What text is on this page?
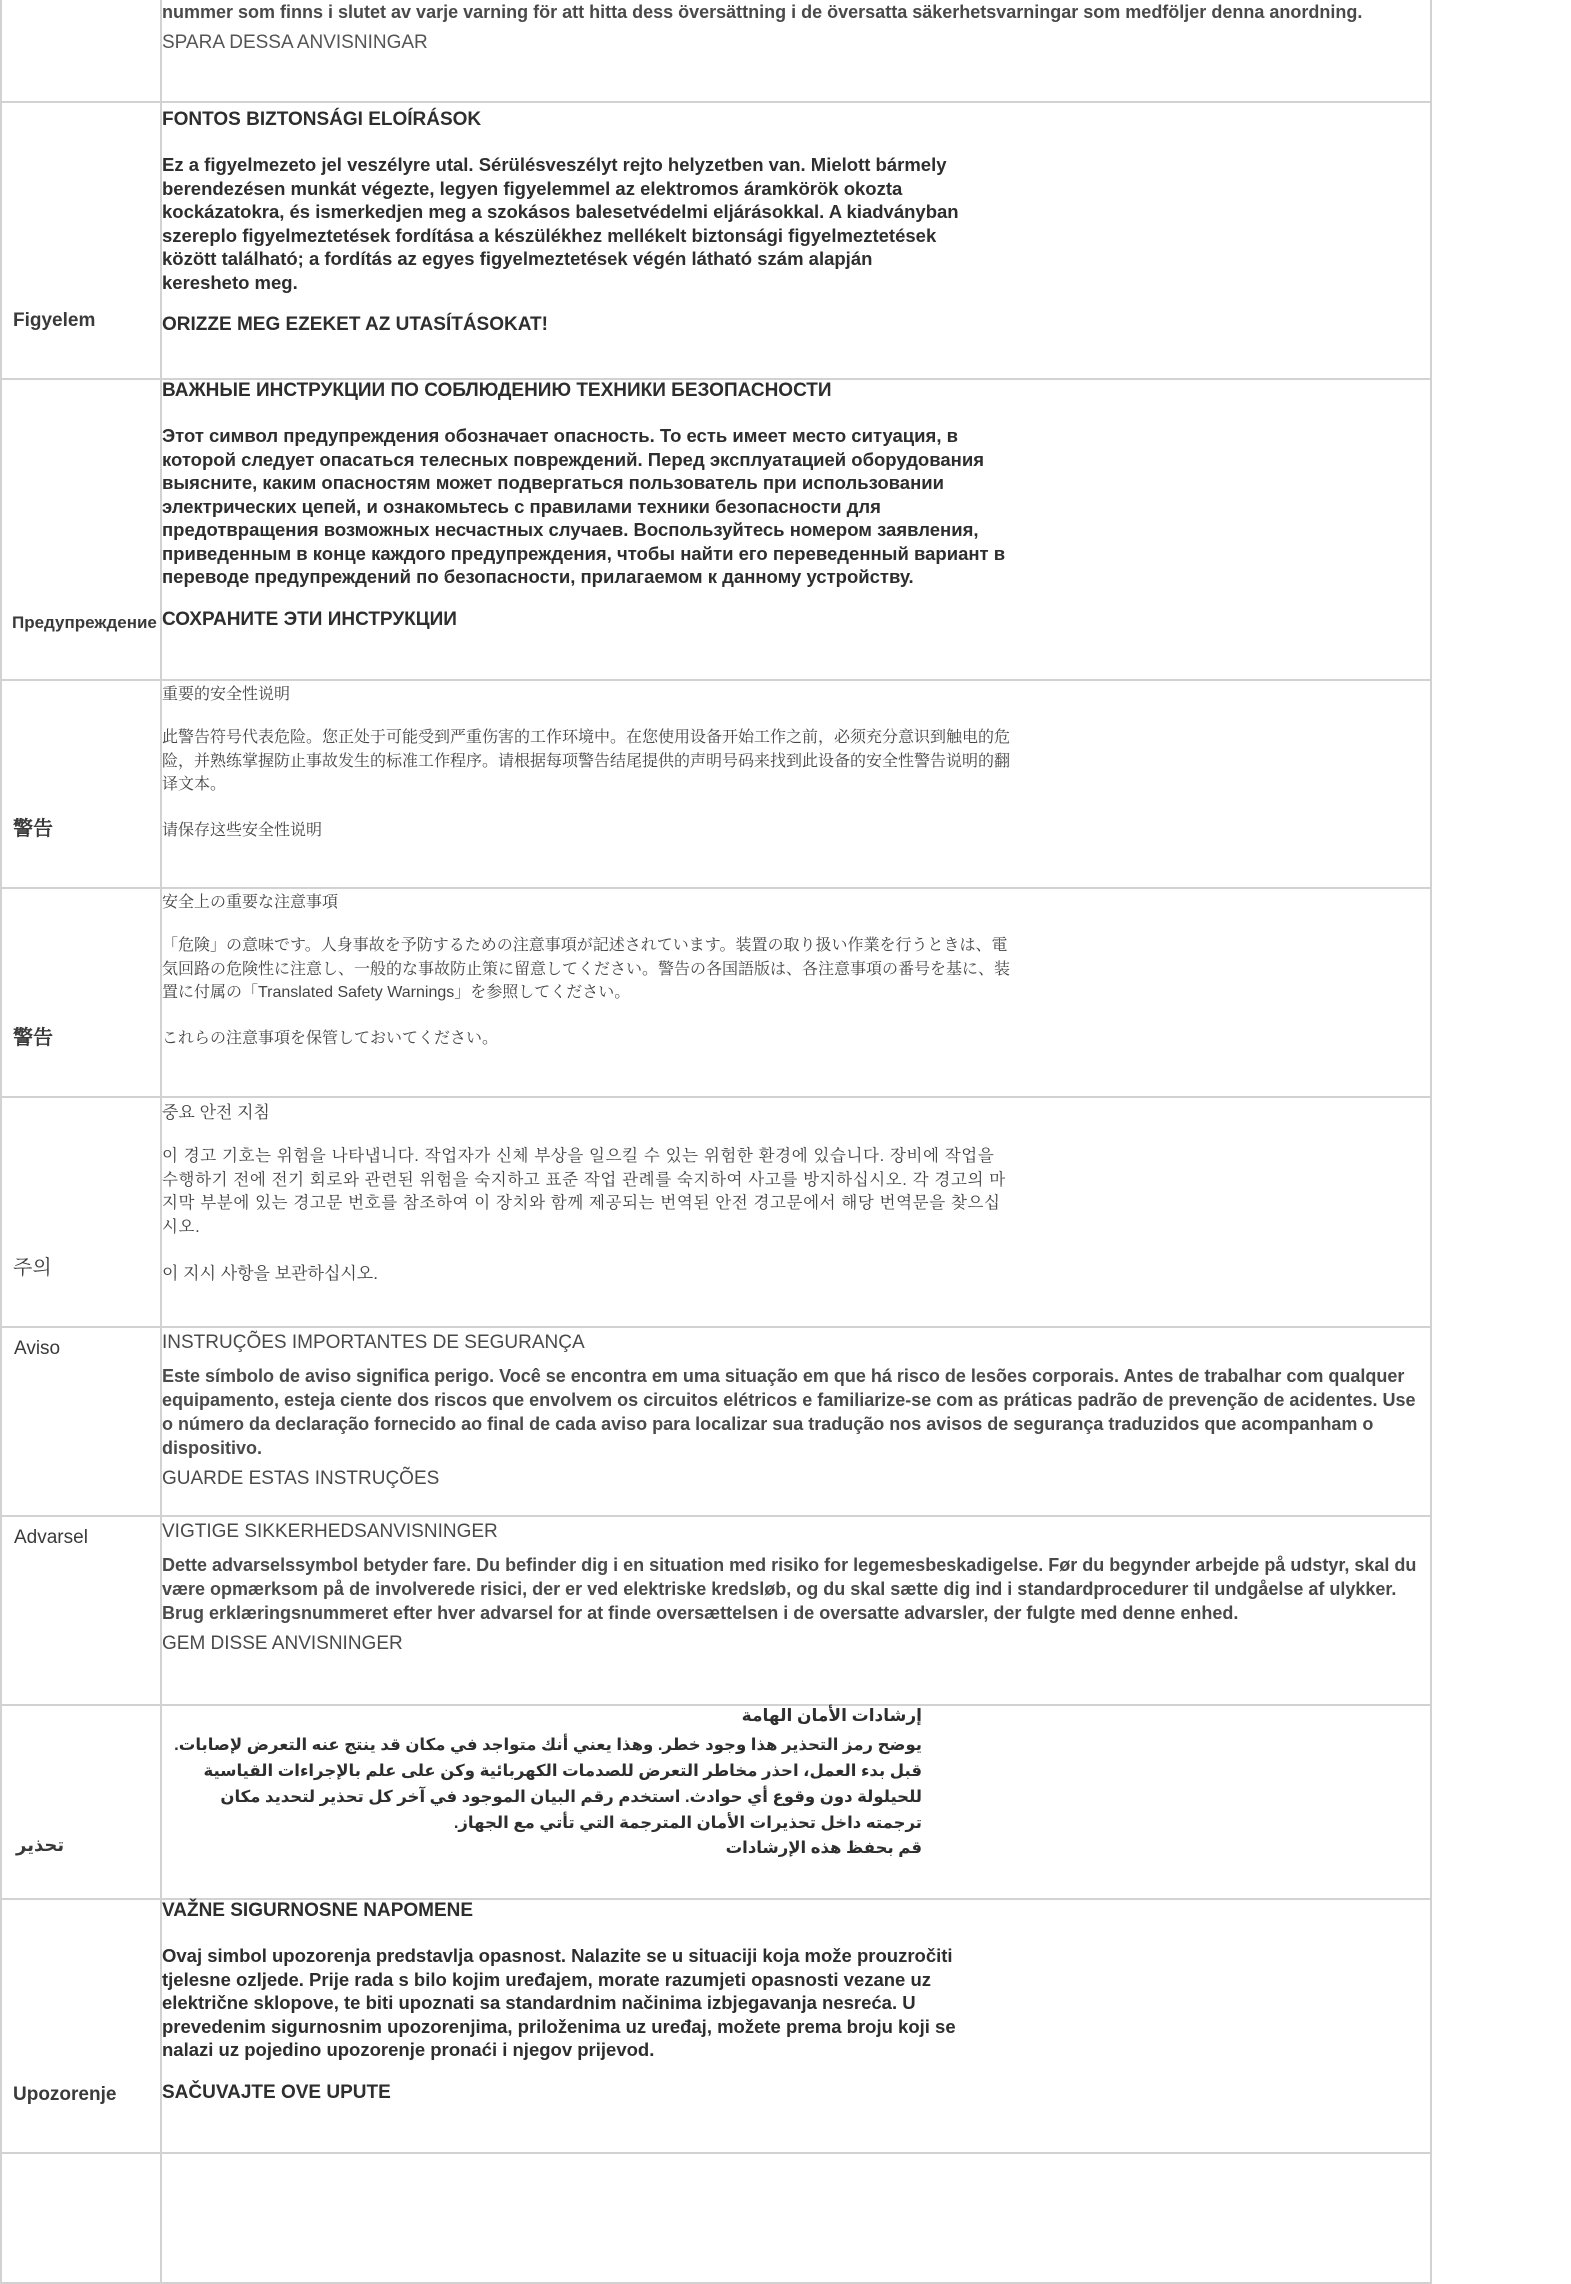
	nummer som finns i slutet av varje varning för att hitta dess översättning i de översatta säkerhetsvarningar som medföljer denna anordning.

SPARA DESSA ANVISNINGAR

Figyelem	FONTOS BIZTONSÁGI ELOÍRÁSOK

Ez a figyelmezeto jel veszélyre utal. Sérülésveszélyt rejto helyzetben van. Mielott bármely berendezésen munkát végezte, legyen figyelemmel az elektromos áramkörök okozta kockázatokra, és ismerkedjen meg a szokásos balesetvédelmi eljárásokkal. A kiadványban szereplo figyelmeztetések fordítása a készülékhez mellékelt biztonsági figyelmeztetések között található; a fordítás az egyes figyelmeztetések végén látható szám alapján keresheto meg.

ORIZZE MEG EZEKET AZ UTASÍTÁSOKAT!

Предупреждение	ВАЖНЫЕ ИНСТРУКЦИИ ПО СОБЛЮДЕНИЮ ТЕХНИКИ БЕЗОПАСНОСТИ

Этот символ предупреждения обозначает опасность. То есть имеет место ситуация, в которой следует опасаться телесных повреждений. Перед эксплуатацией оборудования выясните, каким опасностям может подвергаться пользователь при использовании электрических цепей, и ознакомьтесь с правилами техники безопасности для предотвращения возможных несчастных случаев. Воспользуйтесь номером заявления, приведенным в конце каждого предупреждения, чтобы найти его переведенный вариант в переводе предупреждений по безопасности, прилагаемом к данному устройству.

СОХРАНИТЕ ЭТИ ИНСТРУКЦИИ

警告	重要的安全性说明

此警告符号代表危险。您正处于可能受到严重伤害的工作环境中。在您使用设备开始工作之前，必须充分意识到触电的危险，并熟练掌握防止事故发生的标准工作程序。请根据每项警告结尾提供的声明号码来找到此设备的安全性警告说明的翻译文本。

请保存这些安全性说明

警告	安全上の重要な注意事項

「危険」の意味です。人身事故を予防するための注意事項が記述されています。装置の取り扱い作業を行うときは、電気回路の危険性に注意し、一般的な事故防止策に留意してください。警告の各国語版は、各注意事項の番号を基に、装置に付属の「Translated Safety Warnings」を参照してください。

これらの注意事項を保管しておいてください。

주의	중요 안전 지침

이 경고 기호는 위험을 나타냅니다. 작업자가 신체 부상을 일으킬 수 있는 위험한 환경에 있습니다. 장비에 작업을 수행하기 전에 전기 회로와 관련된 위험을 숙지하고 표준 작업 관례를 숙지하여 사고를 방지하십시오. 각 경고의 마지막 부분에 있는 경고문 번호를 참조하여 이 장치와 함께 제공되는 번역된 안전 경고문에서 해당 번역문을 찾으십시오.

이 지시 사항을 보관하십시오.

Aviso	INSTRUÇÕES IMPORTANTES DE SEGURANÇA

Este símbolo de aviso significa perigo. Você se encontra em uma situação em que há risco de lesões corporais. Antes de trabalhar com qualquer equipamento, esteja ciente dos riscos que envolvem os circuitos elétricos e familiarize-se com as práticas padrão de prevenção de acidentes. Use o número da declaração fornecido ao final de cada aviso para localizar sua tradução nos avisos de segurança traduzidos que acompanham o dispositivo.

GUARDE ESTAS INSTRUÇÕES

Advarsel	VIGTIGE SIKKERHEDSANVISNINGER

Dette advarselssymbol betyder fare. Du befinder dig i en situation med risiko for legemesbeskadigelse. Før du begynder arbejde på udstyr, skal du være opmærksom på de involverede risici, der er ved elektriske kredsløb, og du skal sætte dig ind i standardprocedurer til undgåelse af ulykker. Brug erklæringsnummeret efter hver advarsel for at finde oversættelsen i de oversatte advarsler, der fulgte med denne enhed.

GEM DISSE ANVISNINGER

تحذير	إرشادات الأمان الهامة

يوضح رمز التحذير هذا وجود خطر. وهذا يعني أنك متواجد في مكان قد ينتج عنه التعرض لإصابات. قبل بدء العمل، احذر مخاطر التعرض للصدمات الكهربائية وكن على علم بالإجراءات القياسية للحيلولة دون وقوع أي حوادث. استخدم رقم البيان الموجود في آخر كل تحذير لتحديد مكان ترجمته داخل تحذيرات الأمان المترجمة التي تأتي مع الجهاز.

قم بحفظ هذه الإرشادات

Upozorenje	VAŽNE SIGURNOSNE NAPOMENE

Ovaj simbol upozorenja predstavlja opasnost. Nalazite se u situaciji koja može prouzročiti tjelesne ozljede. Prije rada s bilo kojim uređajem, morate razumjeti opasnosti vezane uz električne sklopove, te biti upoznati sa standardnim načinima izbjegavanja nesreća. U prevedenim sigurnosnim upozorenjima, priloženima uz uređaj, možete prema broju koji se nalazi uz pojedino upozorenje pronaći i njegov prijevod.

SAČUVAJTE OVE UPUTE
